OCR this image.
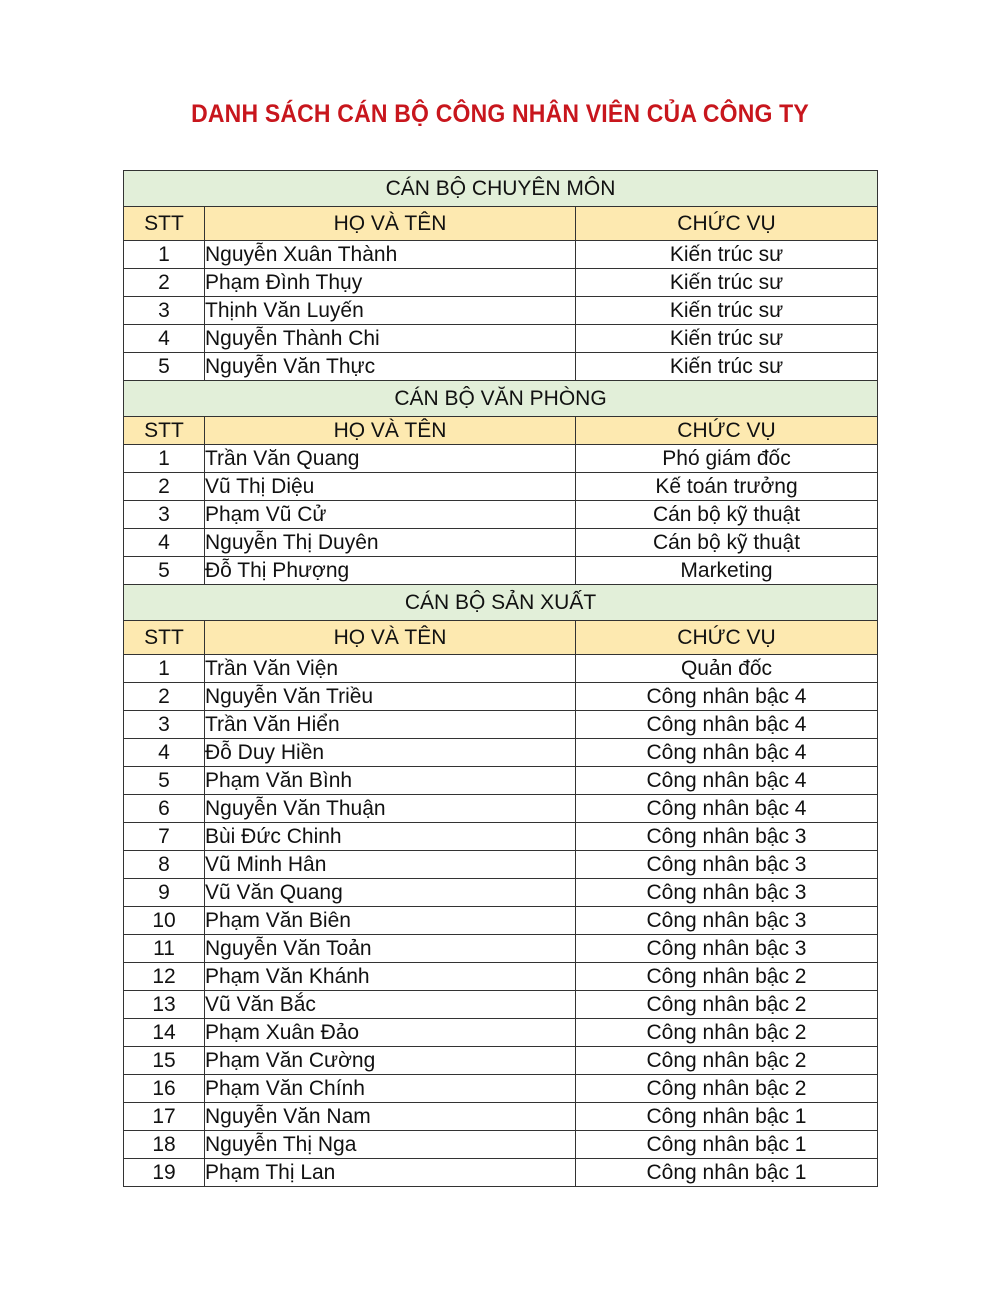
DANH SÁCH CÁN BỘ CÔNG NHÂN VIÊN CỦA CÔNG TY
CÁN BỘ CHUYÊN MÔN		
STT	HỌ VÀ TÊN	CHỨC VỤ
1	Nguyễn Xuân Thành	Kiến trúc sư
2	Phạm Đình Thụy	Kiến trúc sư
3	Thịnh Văn Luyến	Kiến trúc sư
4	Nguyễn Thành Chi	Kiến trúc sư
5	Nguyễn Văn Thực	Kiến trúc sư
CÁN BỘ VĂN PHÒNG		
STT	HỌ VÀ TÊN	CHỨC VỤ
1	Trần Văn Quang	Phó giám đốc
2	Vũ Thị Diệu	Kế toán trưởng
3	Phạm Vũ Cử	Cán bộ kỹ thuật
4	Nguyễn Thị Duyên	Cán bộ kỹ thuật
5	Đỗ Thị Phượng	Marketing
CÁN BỘ SẢN XUẤT		
STT	HỌ VÀ TÊN	CHỨC VỤ
1	Trần Văn Viện	Quản đốc
2	Nguyễn Văn Triều	Công nhân bậc 4
3	Trần Văn Hiển	Công nhân bậc 4
4	Đỗ Duy Hiền	Công nhân bậc 4
5	Phạm Văn Bình	Công nhân bậc 4
6	Nguyễn Văn Thuận	Công nhân bậc 4
7	Bùi Đức Chinh	Công nhân bậc 3
8	Vũ Minh Hân	Công nhân bậc 3
9	Vũ Văn Quang	Công nhân bậc 3
10	Phạm Văn Biên	Công nhân bậc 3
11	Nguyễn Văn Toản	Công nhân bậc 3
12	Phạm Văn Khánh	Công nhân bậc 2
13	Vũ Văn Bắc	Công nhân bậc 2
14	Phạm Xuân Đảo	Công nhân bậc 2
15	Phạm Văn Cường	Công nhân bậc 2
16	Phạm Văn Chính	Công nhân bậc 2
17	Nguyễn Văn Nam	Công nhân bậc 1
18	Nguyễn Thị Nga	Công nhân bậc 1
19	Phạm Thị Lan	Công nhân bậc 1
